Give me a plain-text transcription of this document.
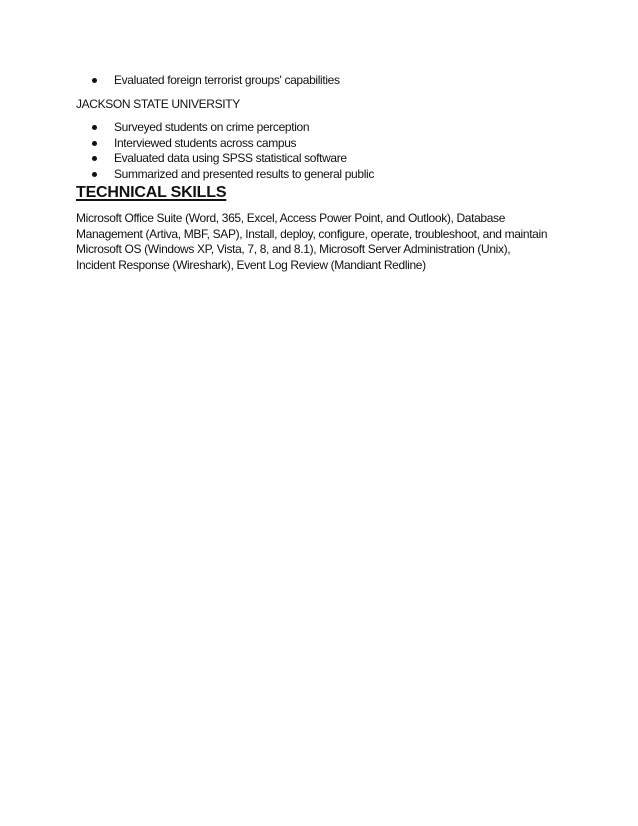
Evaluated foreign terrorist groups' capabilities
JACKSON STATE UNIVERSITY
Surveyed students on crime perception
Interviewed students across campus
Evaluated data using SPSS statistical software
Summarized and presented results to general public
TECHNICAL SKILLS
Microsoft Office Suite (Word, 365, Excel, Access Power Point, and Outlook), Database
Management (Artiva, MBF, SAP), Install, deploy, configure, operate, troubleshoot, and maintain
Microsoft OS (Windows XP, Vista, 7, 8, and 8.1), Microsoft Server Administration (Unix),
Incident Response (Wireshark), Event Log Review (Mandiant Redline)
